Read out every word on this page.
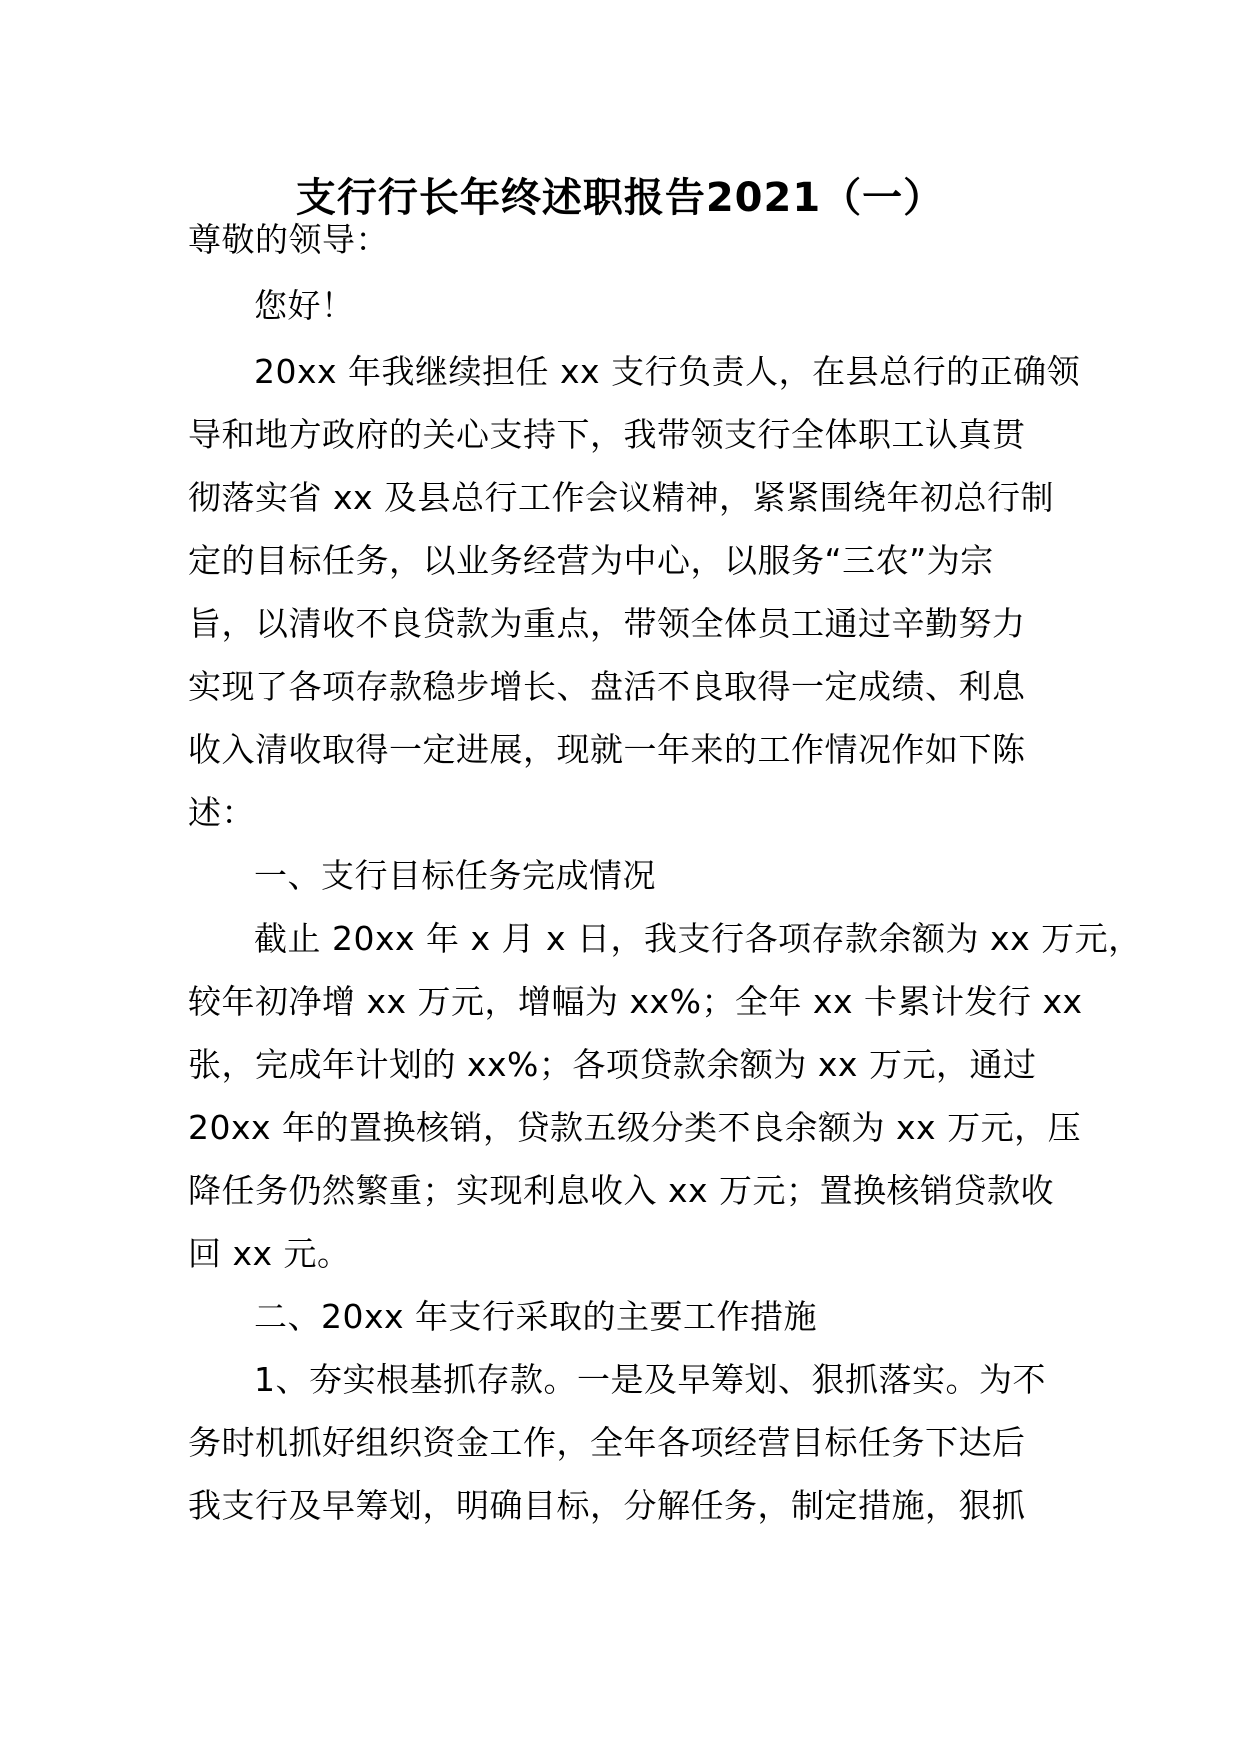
支行行长年终述职报告2021（一）
尊敬的领导：
您好！
20xx 年我继续担任 xx 支行负责人，在县总行的正确领
导和地方政府的关心支持下，我带领支行全体职工认真贯
彻落实省 xx 及县总行工作会议精神，紧紧围绕年初总行制
定的目标任务，以业务经营为中心，以服务“三农”为宗
旨，以清收不良贷款为重点，带领全体员工通过辛勤努力
实现了各项存款稳步增长、盘活不良取得一定成绩、利息
收入清收取得一定进展，现就一年来的工作情况作如下陈
述：
一、支行目标任务完成情况
截止 20xx 年 x 月 x 日，我支行各项存款余额为 xx 万元，
较年初净增 xx 万元，增幅为 xx%；全年 xx 卡累计发行 xx
张，完成年计划的 xx%；各项贷款余额为 xx 万元，通过
20xx 年的置换核销，贷款五级分类不良余额为 xx 万元，压
降任务仍然繁重；实现利息收入 xx 万元；置换核销贷款收
回 xx 元。
二、20xx 年支行采取的主要工作措施
1、夯实根基抓存款。一是及早筹划、狠抓落实。为不
务时机抓好组织资金工作，全年各项经营目标任务下达后
我支行及早筹划，明确目标，分解任务，制定措施，狠抓
